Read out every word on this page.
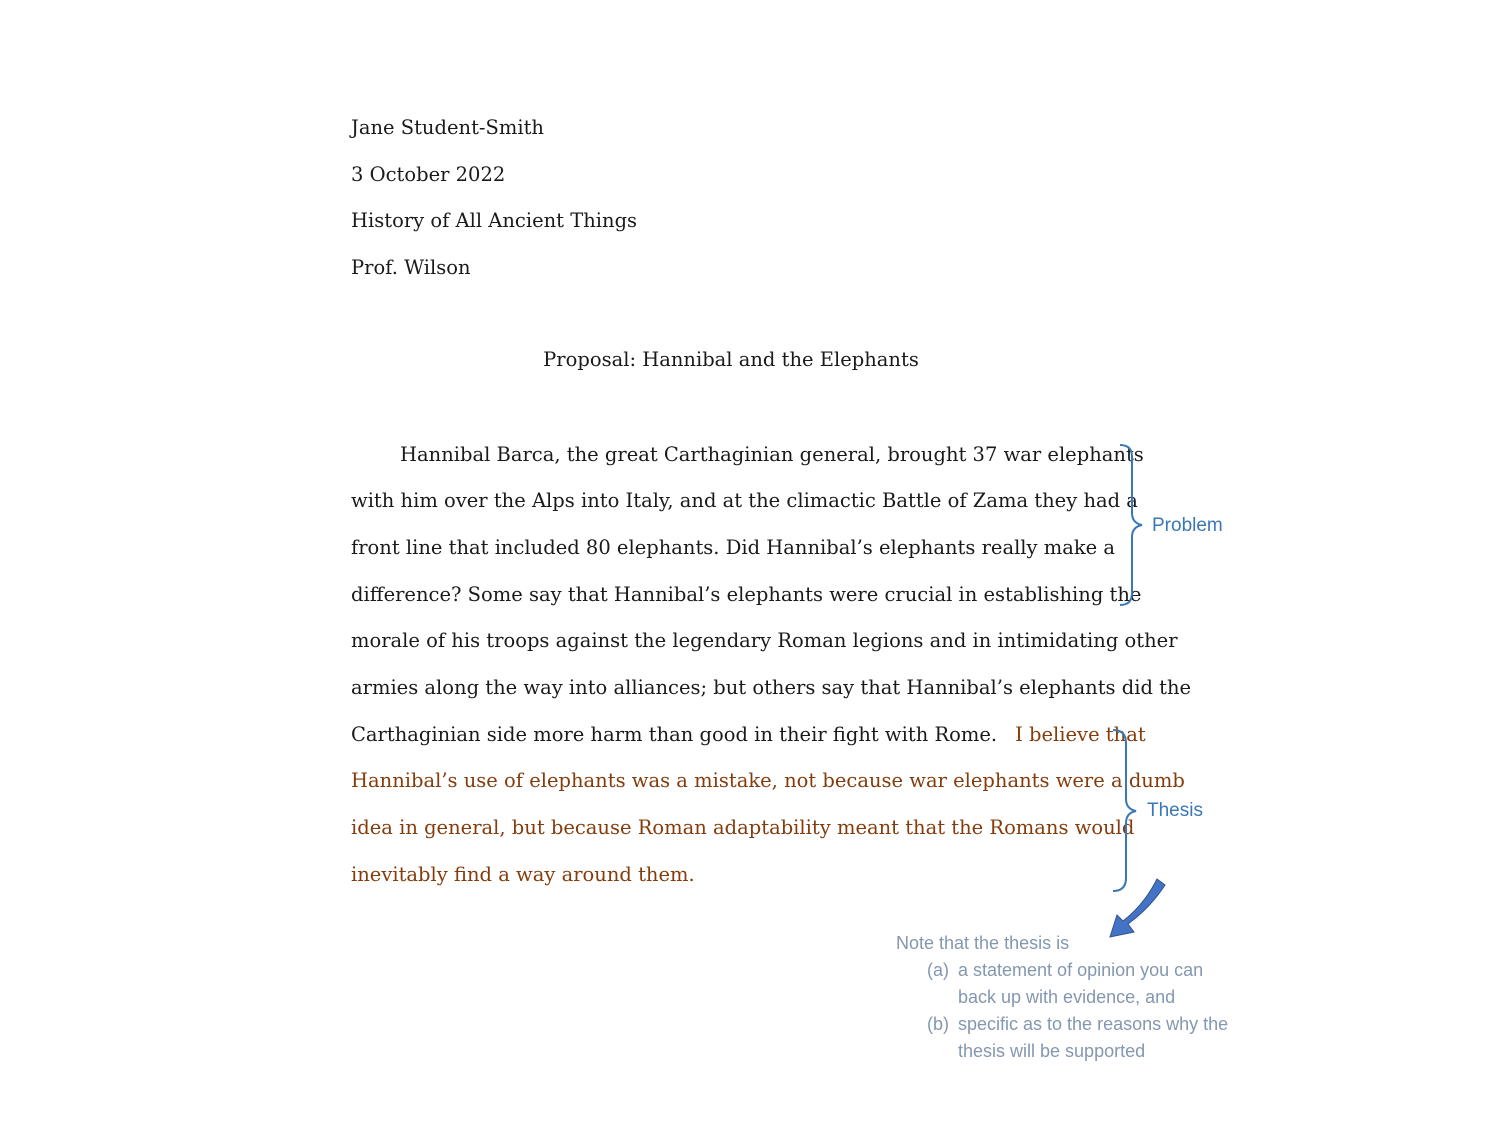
Jane Student-Smith
3 October 2022
History of All Ancient Things
Prof. Wilson
Proposal: Hannibal and the Elephants
Hannibal Barca, the great Carthaginian general, brought 37 war elephants
with him over the Alps into Italy, and at the climactic Battle of Zama they had a
front line that included 80 elephants. Did Hannibal’s elephants really make a
difference? Some say that Hannibal’s elephants were crucial in establishing the
morale of his troops against the legendary Roman legions and in intimidating other
armies along the way into alliances; but others say that Hannibal’s elephants did the
Carthaginian side more harm than good in their fight with Rome. I believe that
Hannibal’s use of elephants was a mistake, not because war elephants were a dumb
idea in general, but because Roman adaptability meant that the Romans would
inevitably find a way around them.
Problem
Thesis
Note that the thesis is
(a) a statement of opinion you can
back up with evidence, and
(b) specific as to the reasons why the
thesis will be supported
